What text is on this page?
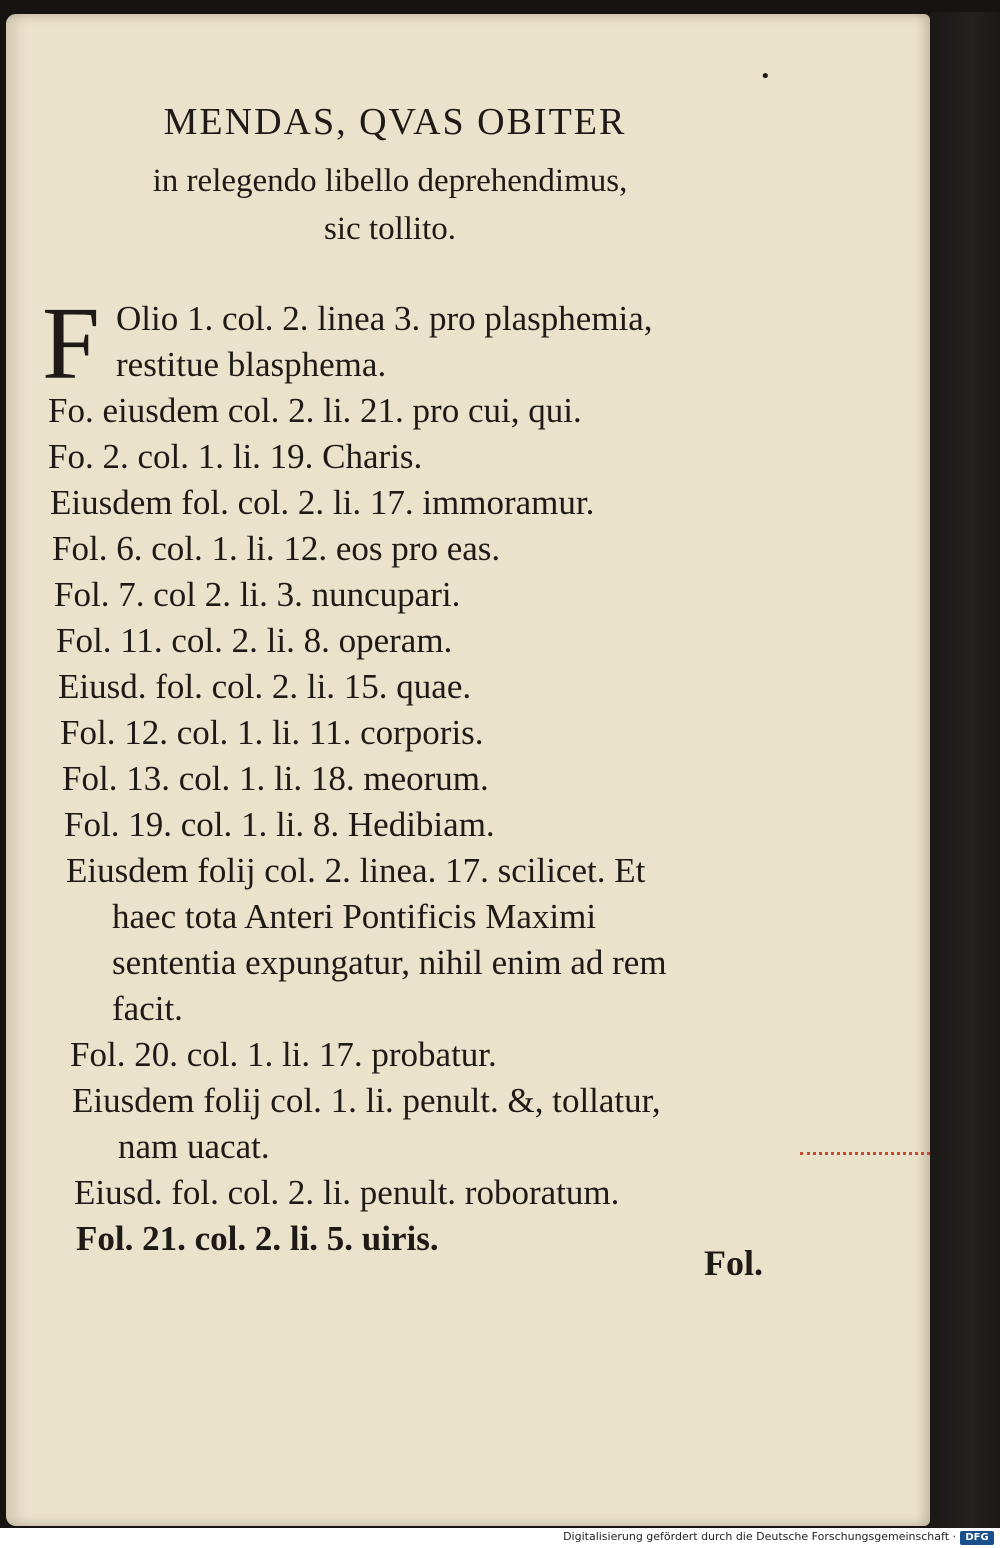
•
MENDAS, QVAS OBITER
in relegendo libello deprehendimus,
sic tollito.
F Olio 1. col. 2. linea 3. pro plasphemia,
restitue blasphema.
Fo. eiusdem col. 2. li. 21. pro cui, qui.
Fo. 2. col. 1. li. 19. Charis.
Eiusdem fol. col. 2. li. 17. immoramur.
Fol. 6. col. 1. li. 12. eos pro eas.
Fol. 7. col 2. li. 3. nuncupari.
Fol. 11. col. 2. li. 8. operam.
Eiusd. fol. col. 2. li. 15. quae.
Fol. 12. col. 1. li. 11. corporis.
Fol. 13. col. 1. li. 18. meorum.
Fol. 19. col. 1. li. 8. Hedibiam.
Eiusdem folij col. 2. linea. 17. scilicet. Et
haec tota Anteri Pontificis Maximi
sententia expungatur, nihil enim ad rem
facit.
Fol. 20. col. 1. li. 17. probatur.
Eiusdem folij col. 1. li. penult. &, tollatur,
nam uacat.
Eiusd. fol. col. 2. li. penult. roboratum.
Fol. 21. col. 2. li. 5. uiris.
Fol.
Digitalisierung gefördert durch die Deutsche Forschungsgemeinschaft · DFG
